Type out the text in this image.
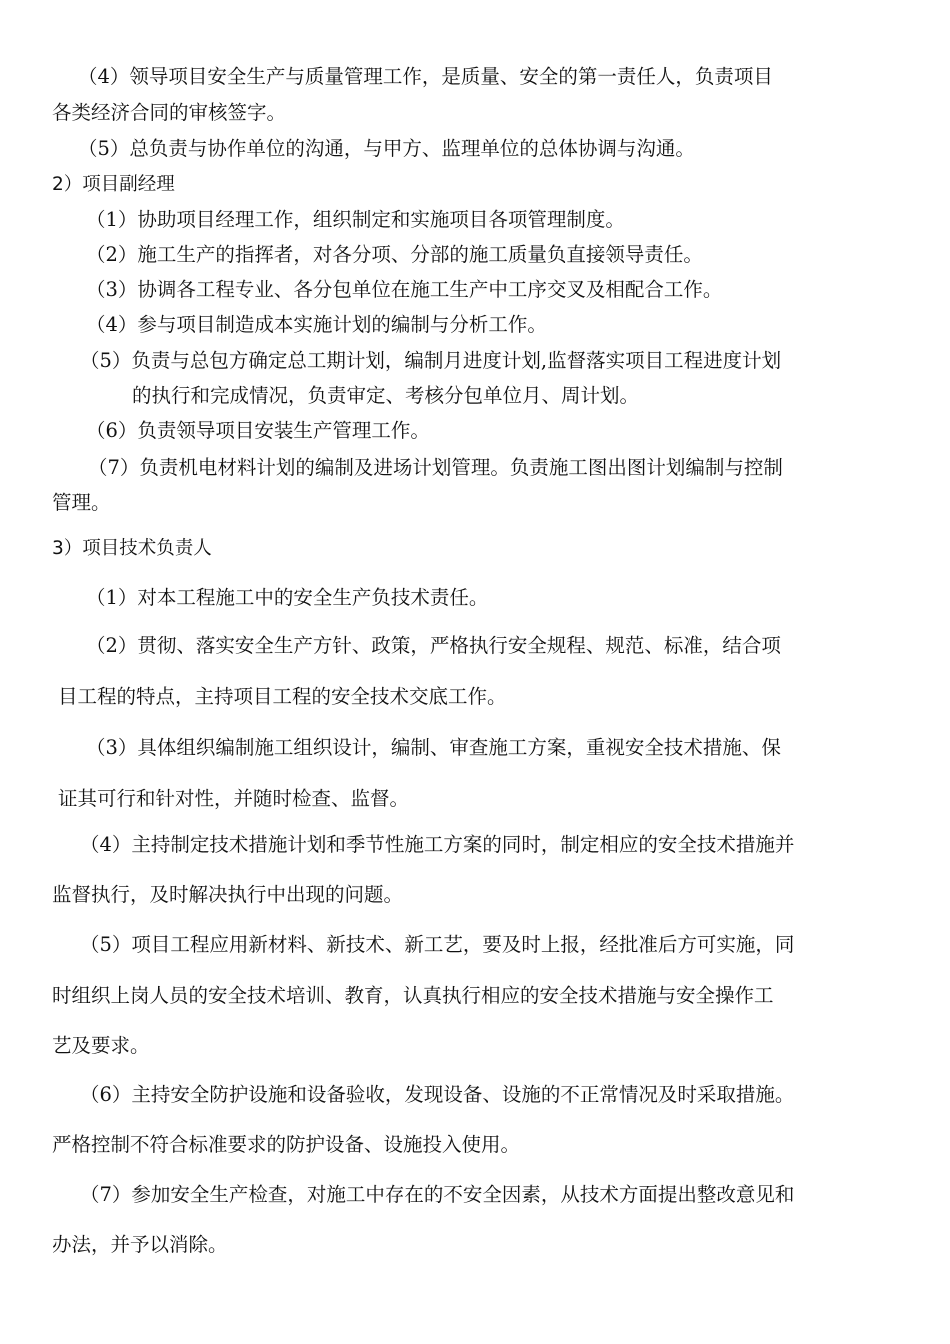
（4）领导项目安全生产与质量管理工作，是质量、安全的第一责任人，负责项目
各类经济合同的审核签字。
（5）总负责与协作单位的沟通，与甲方、监理单位的总体协调与沟通。
2）项目副经理
（1）协助项目经理工作，组织制定和实施项目各项管理制度。
（2）施工生产的指挥者，对各分项、分部的施工质量负直接领导责任。
（3）协调各工程专业、各分包单位在施工生产中工序交叉及相配合工作。
（4）参与项目制造成本实施计划的编制与分析工作。
（5）负责与总包方确定总工期计划，编制月进度计划,监督落实项目工程进度计划
的执行和完成情况，负责审定、考核分包单位月、周计划。
（6）负责领导项目安装生产管理工作。
（7）负责机电材料计划的编制及进场计划管理。负责施工图出图计划编制与控制
管理。
3）项目技术负责人
（1）对本工程施工中的安全生产负技术责任。
（2）贯彻、落实安全生产方针、政策，严格执行安全规程、规范、标准，结合项
目工程的特点，主持项目工程的安全技术交底工作。
（3）具体组织编制施工组织设计，编制、审查施工方案，重视安全技术措施、保
证其可行和针对性，并随时检查、监督。
（4）主持制定技术措施计划和季节性施工方案的同时，制定相应的安全技术措施并
监督执行，及时解决执行中出现的问题。
（5）项目工程应用新材料、新技术、新工艺，要及时上报，经批准后方可实施，同
时组织上岗人员的安全技术培训、教育，认真执行相应的安全技术措施与安全操作工
艺及要求。
（6）主持安全防护设施和设备验收，发现设备、设施的不正常情况及时采取措施。
严格控制不符合标准要求的防护设备、设施投入使用。
（7）参加安全生产检查，对施工中存在的不安全因素，从技术方面提出整改意见和
办法，并予以消除。
